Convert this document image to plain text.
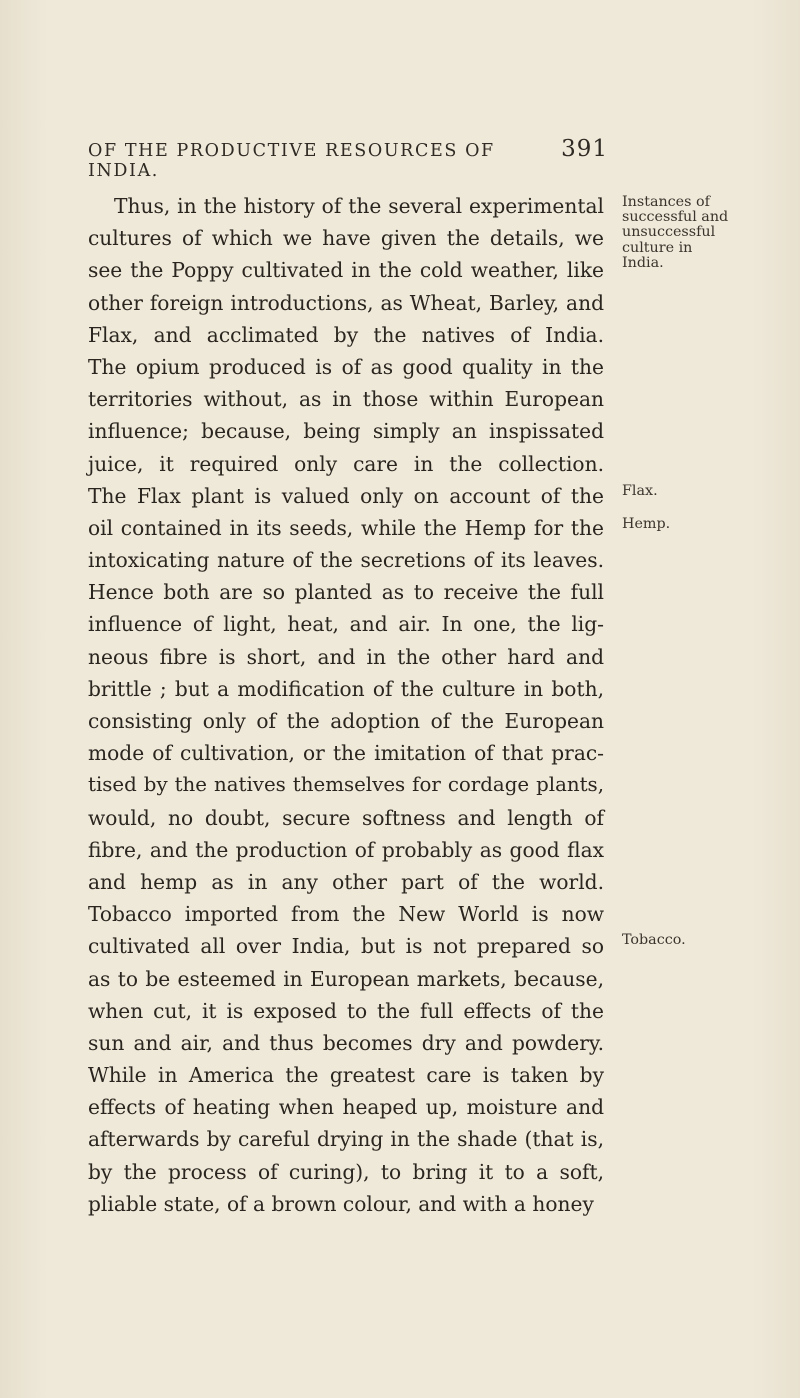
OF THE PRODUCTIVE RESOURCES OF INDIA.
391
Thus, in the history of the several experimental
cultures of which we have given the details, we
see the Poppy cultivated in the cold weather, like
other foreign introductions, as Wheat, Barley, and
Flax, and acclimated by the natives of India.
The opium produced is of as good quality in the
territories without, as in those within European
influence; because, being simply an inspissated
juice, it required only care in the collection.
The Flax plant is valued only on account of the
oil contained in its seeds, while the Hemp for the
intoxicating nature of the secretions of its leaves.
Hence both are so planted as to receive the full
influence of light, heat, and air. In one, the lig-
neous fibre is short, and in the other hard and
brittle ; but a modification of the culture in both,
consisting only of the adoption of the European
mode of cultivation, or the imitation of that prac-
tised by the natives themselves for cordage plants,
would, no doubt, secure softness and length of
fibre, and the production of probably as good flax
and hemp as in any other part of the world.
Tobacco imported from the New World is now
cultivated all over India, but is not prepared so
as to be esteemed in European markets, because,
when cut, it is exposed to the full effects of the
sun and air, and thus becomes dry and powdery.
While in America the greatest care is taken by
effects of heating when heaped up, moisture and
afterwards by careful drying in the shade (that is,
by the process of curing), to bring it to a soft,
pliable state, of a brown colour, and with a honey
Instances of
successful and
unsuccessful
culture in
India.
Flax.
Hemp.
Tobacco.
